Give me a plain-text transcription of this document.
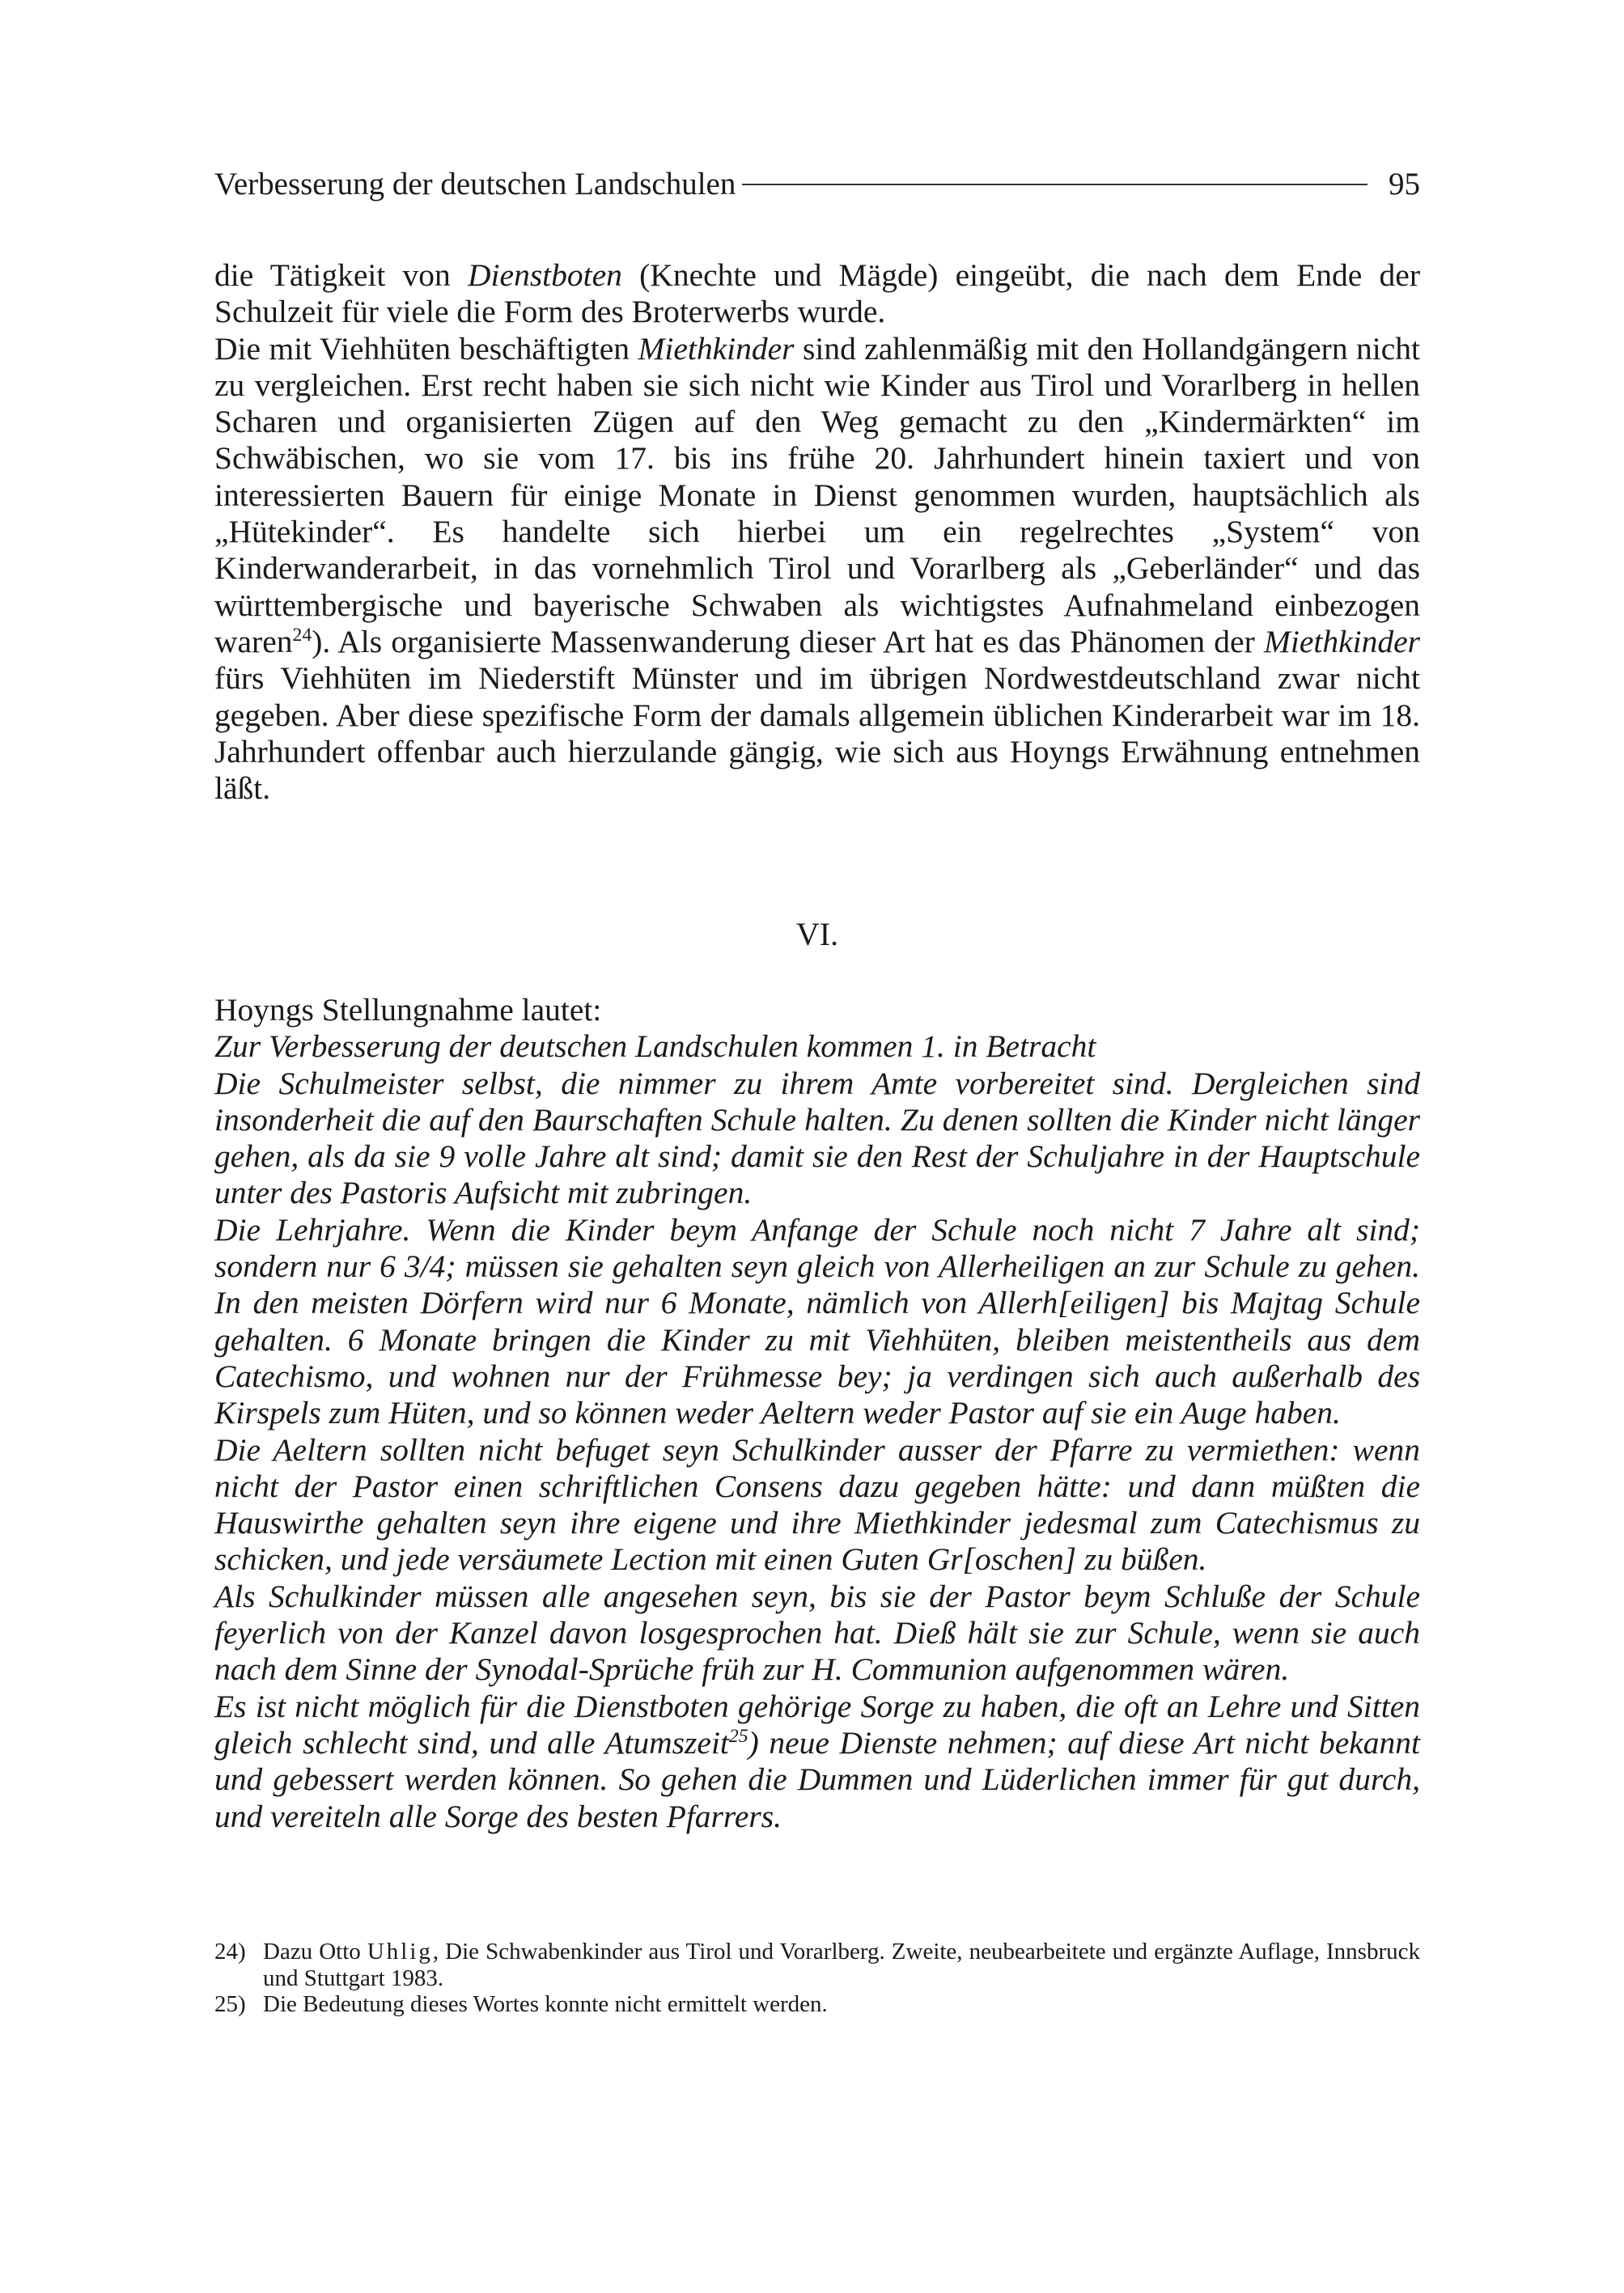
Verbesserung der deutschen Landschulen	95

die Tätigkeit von Dienstboten (Knechte und Mägde) eingeübt, die nach dem Ende der Schulzeit für viele die Form des Broterwerbs wurde.

Die mit Viehhüten beschäftigten Miethkinder sind zahlenmäßig mit den Hollandgängern nicht zu vergleichen. Erst recht haben sie sich nicht wie Kinder aus Tirol und Vorarlberg in hellen Scharen und organisierten Zügen auf den Weg gemacht zu den „Kindermärkten“ im Schwäbischen, wo sie vom 17. bis ins frühe 20. Jahrhundert hinein taxiert und von interessierten Bauern für einige Monate in Dienst genommen wurden, hauptsächlich als „Hütekinder“. Es handelte sich hierbei um ein regelrechtes „System“ von Kinderwanderarbeit, in das vornehmlich Tirol und Vorarlberg als „Geberländer“ und das württembergische und bayerische Schwaben als wichtigstes Aufnahmeland einbezogen waren$^{24}$). Als organisierte Massenwanderung dieser Art hat es das Phänomen der Miethkinder fürs Viehhüten im Niederstift Münster und im übrigen Nordwestdeutschland zwar nicht gegeben. Aber diese spezifische Form der damals allgemein üblichen Kinderarbeit war im 18. Jahrhundert offenbar auch hierzulande gängig, wie sich aus Hoyngs Erwähnung entnehmen läßt.

VI.

Hoyngs Stellungnahme lautet:

Zur Verbesserung der deutschen Landschulen kommen 1. in Betracht

Die Schulmeister selbst, die nimmer zu ihrem Amte vorbereitet sind. Dergleichen sind insonderheit die auf den Baurschaften Schule halten. Zu denen sollten die Kinder nicht länger gehen, als da sie 9 volle Jahre alt sind; damit sie den Rest der Schuljahre in der Hauptschule unter des Pastoris Aufsicht mit zubringen.

Die Lehrjahre. Wenn die Kinder beym Anfange der Schule noch nicht 7 Jahre alt sind; sondern nur 6 3/4; müssen sie gehalten seyn gleich von Allerheiligen an zur Schule zu gehen. In den meisten Dörfern wird nur 6 Monate, nämlich von Allerh[eiligen] bis Majtag Schule gehalten. 6 Monate bringen die Kinder zu mit Viehhüten, bleiben meistentheils aus dem Catechismo, und wohnen nur der Frühmesse bey; ja verdingen sich auch außerhalb des Kirspels zum Hüten, und so können weder Aeltern weder Pastor auf sie ein Auge haben.

Die Aeltern sollten nicht befuget seyn Schulkinder ausser der Pfarre zu vermiethen: wenn nicht der Pastor einen schriftlichen Consens dazu gegeben hätte: und dann müßten die Hauswirthe gehalten seyn ihre eigene und ihre Miethkinder jedesmal zum Catechismus zu schicken, und jede versäumete Lection mit einen Guten Gr[oschen] zu büßen.

Als Schulkinder müssen alle angesehen seyn, bis sie der Pastor beym Schluße der Schule feyerlich von der Kanzel davon losgesprochen hat. Dieß hält sie zur Schule, wenn sie auch nach dem Sinne der Synodal-Sprüche früh zur H. Communion aufgenommen wären.

Es ist nicht möglich für die Dienstboten gehörige Sorge zu haben, die oft an Lehre und Sitten gleich schlecht sind, und alle Atumszeit$^{25}$) neue Dienste nehmen; auf diese Art nicht bekannt und gebessert werden können. So gehen die Dummen und Lüderlichen immer für gut durch, und vereiteln alle Sorge des besten Pfarrers.

24) Dazu Otto Uhlig, Die Schwabenkinder aus Tirol und Vorarlberg. Zweite, neubearbeitete und ergänzte Auflage, Innsbruck und Stuttgart 1983.
25) Die Bedeutung dieses Wortes konnte nicht ermittelt werden.
